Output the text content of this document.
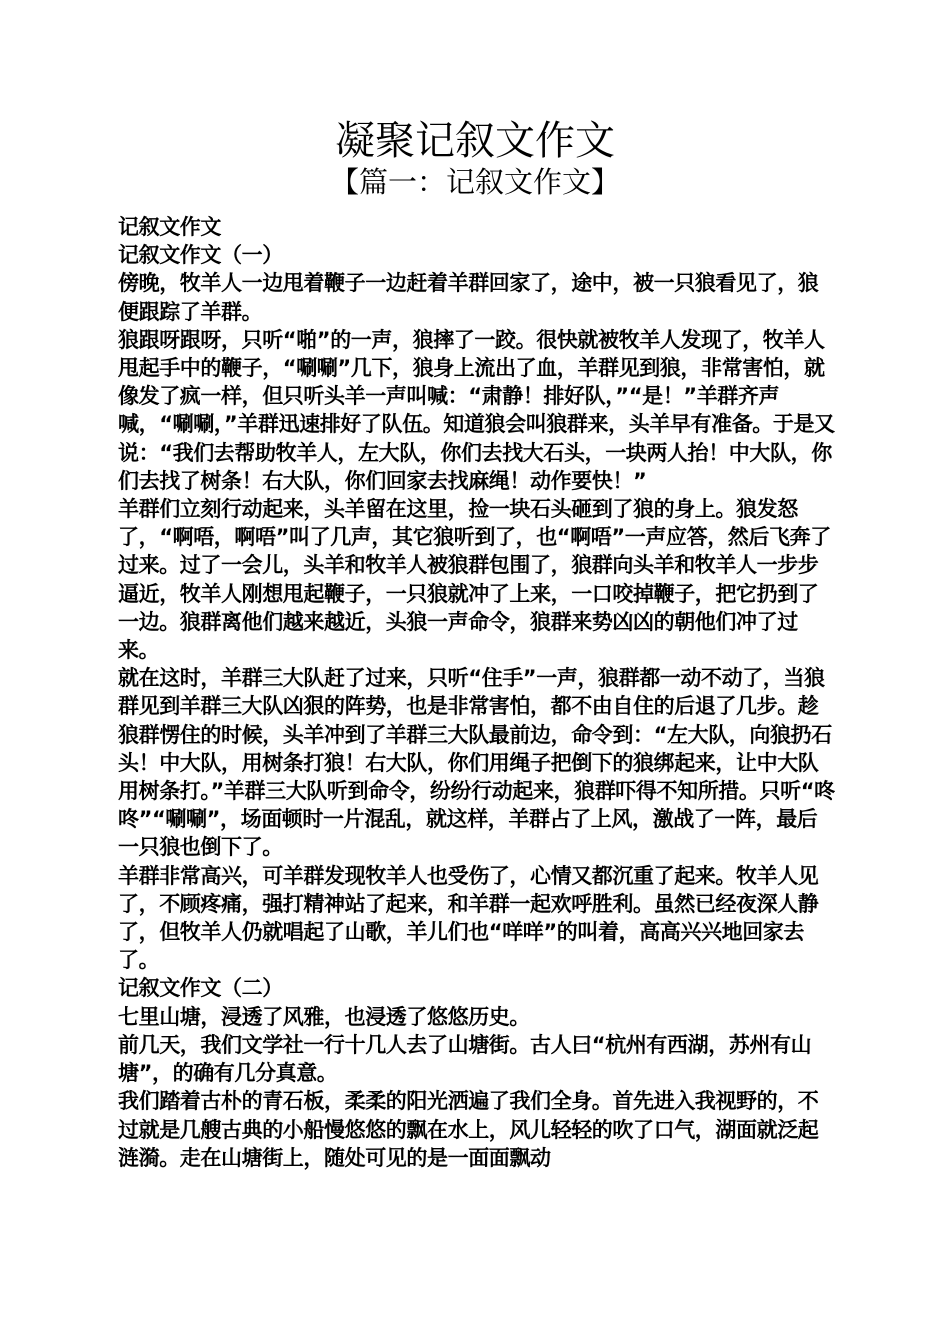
凝聚记叙文作文
【篇一：记叙文作文】

记叙文作文

记叙文作文（一）

傍晚，牧羊人一边甩着鞭子一边赶着羊群回家了，途中，被一只狼看见了，狼便跟踪了羊群。

狼跟呀跟呀，只听“啪”的一声，狼摔了一跤。很快就被牧羊人发现了，牧羊人甩起手中的鞭子，“唰唰”几下，狼身上流出了血，羊群见到狼，非常害怕，就像发了疯一样，但只听头羊一声叫喊：“肃静！排好队，”“是！”羊群齐声喊，“唰唰，”羊群迅速排好了队伍。知道狼会叫狼群来，头羊早有准备。于是又说：“我们去帮助牧羊人，左大队，你们去找大石头，一块两人抬！中大队，你们去找了树条！右大队，你们回家去找麻绳！动作要快！”

羊群们立刻行动起来，头羊留在这里，捡一块石头砸到了狼的身上。狼发怒了，“啊唔，啊唔”叫了几声，其它狼听到了，也“啊唔”一声应答，然后飞奔了过来。过了一会儿，头羊和牧羊人被狼群包围了，狼群向头羊和牧羊人一步步逼近，牧羊人刚想甩起鞭子，一只狼就冲了上来，一口咬掉鞭子，把它扔到了一边。狼群离他们越来越近，头狼一声命令，狼群来势凶凶的朝他们冲了过来。

就在这时，羊群三大队赶了过来，只听“住手”一声，狼群都一动不动了，当狼群见到羊群三大队凶狠的阵势，也是非常害怕，都不由自住的后退了几步。趁狼群愣住的时候，头羊冲到了羊群三大队最前边，命令到：“左大队，向狼扔石头！中大队，用树条打狼！右大队，你们用绳子把倒下的狼绑起来，让中大队用树条打。”羊群三大队听到命令，纷纷行动起来，狼群吓得不知所措。只听“咚咚”“唰唰”，场面顿时一片混乱，就这样，羊群占了上风，激战了一阵，最后一只狼也倒下了。

羊群非常高兴，可羊群发现牧羊人也受伤了，心情又都沉重了起来。牧羊人见了，不顾疼痛，强打精神站了起来，和羊群一起欢呼胜利。虽然已经夜深人静了，但牧羊人仍就唱起了山歌，羊儿们也“咩咩”的叫着，高高兴兴地回家去了。

记叙文作文（二）

七里山塘，浸透了风雅，也浸透了悠悠历史。

前几天，我们文学社一行十几人去了山塘街。古人曰“杭州有西湖，苏州有山塘”，的确有几分真意。

我们踏着古朴的青石板，柔柔的阳光洒遍了我们全身。首先进入我视野的，不过就是几艘古典的小船慢悠悠的飘在水上，风儿轻轻的吹了口气，湖面就泛起涟漪。走在山塘街上，随处可见的是一面面飘动
